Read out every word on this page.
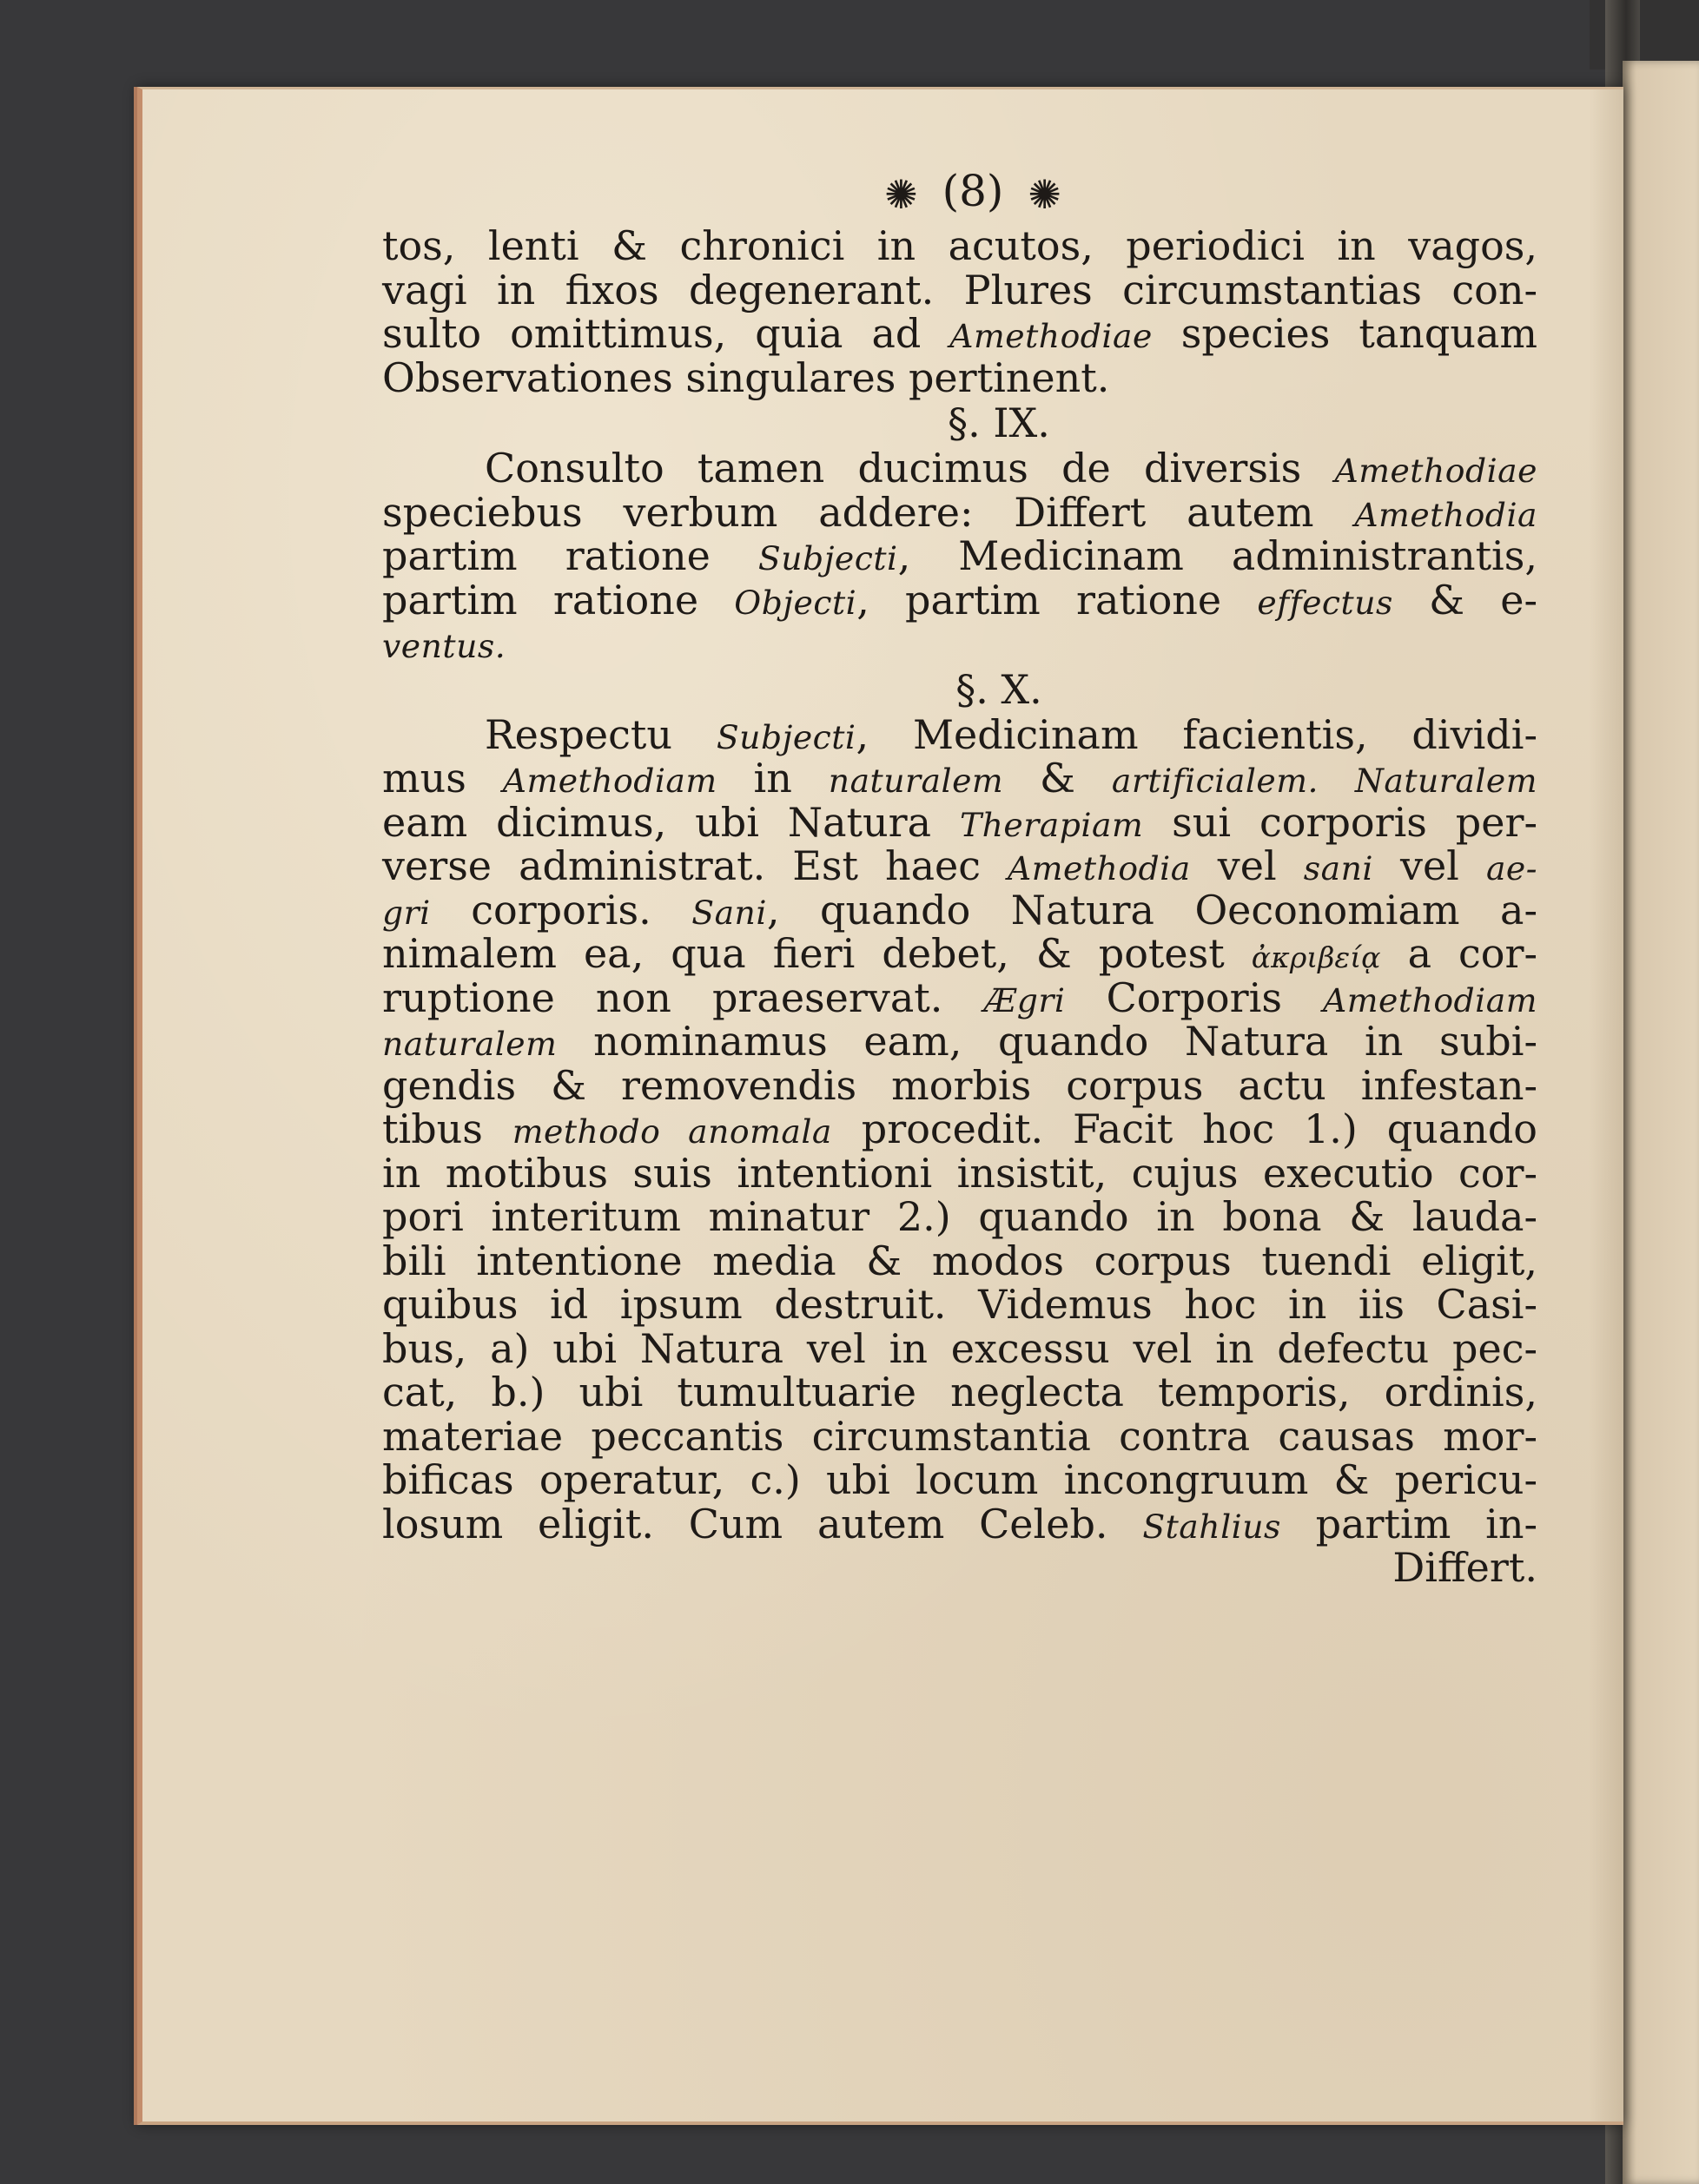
✺ (8) ✺
tos, lenti & chronici in acutos, periodici in vagos,
vagi in fixos degenerant. Plures circumstantias con-
sulto omittimus, quia ad Amethodiae species tanquam
Observationes singulares pertinent.
§. IX.
Consulto tamen ducimus de diversis Amethodiae
speciebus verbum addere: Differt autem Amethodia
partim ratione Subjecti, Medicinam administrantis,
partim ratione Objecti, partim ratione effectus & e-
ventus.
§. X.
Respectu Subjecti, Medicinam facientis, dividi-
mus Amethodiam in naturalem & artificialem. Naturalem
eam dicimus, ubi Natura Therapiam sui corporis per-
verse administrat. Est haec Amethodia vel sani vel ae-
gri corporis. Sani, quando Natura Oeconomiam a-
nimalem ea, qua fieri debet, & potest ἀκριβείᾳ a cor-
ruptione non praeservat. Ægri Corporis Amethodiam
naturalem nominamus eam, quando Natura in subi-
gendis & removendis morbis corpus actu infestan-
tibus methodo anomala procedit. Facit hoc 1.) quando
in motibus suis intentioni insistit, cujus executio cor-
pori interitum minatur 2.) quando in bona & lauda-
bili intentione media & modos corpus tuendi eligit,
quibus id ipsum destruit. Videmus hoc in iis Casi-
bus, a) ubi Natura vel in excessu vel in defectu pec-
cat, b.) ubi tumultuarie neglecta temporis, ordinis,
materiae peccantis circumstantia contra causas mor-
bificas operatur, c.) ubi locum incongruum & pericu-
losum eligit. Cum autem Celeb. Stahlius partim in-
Differt.
